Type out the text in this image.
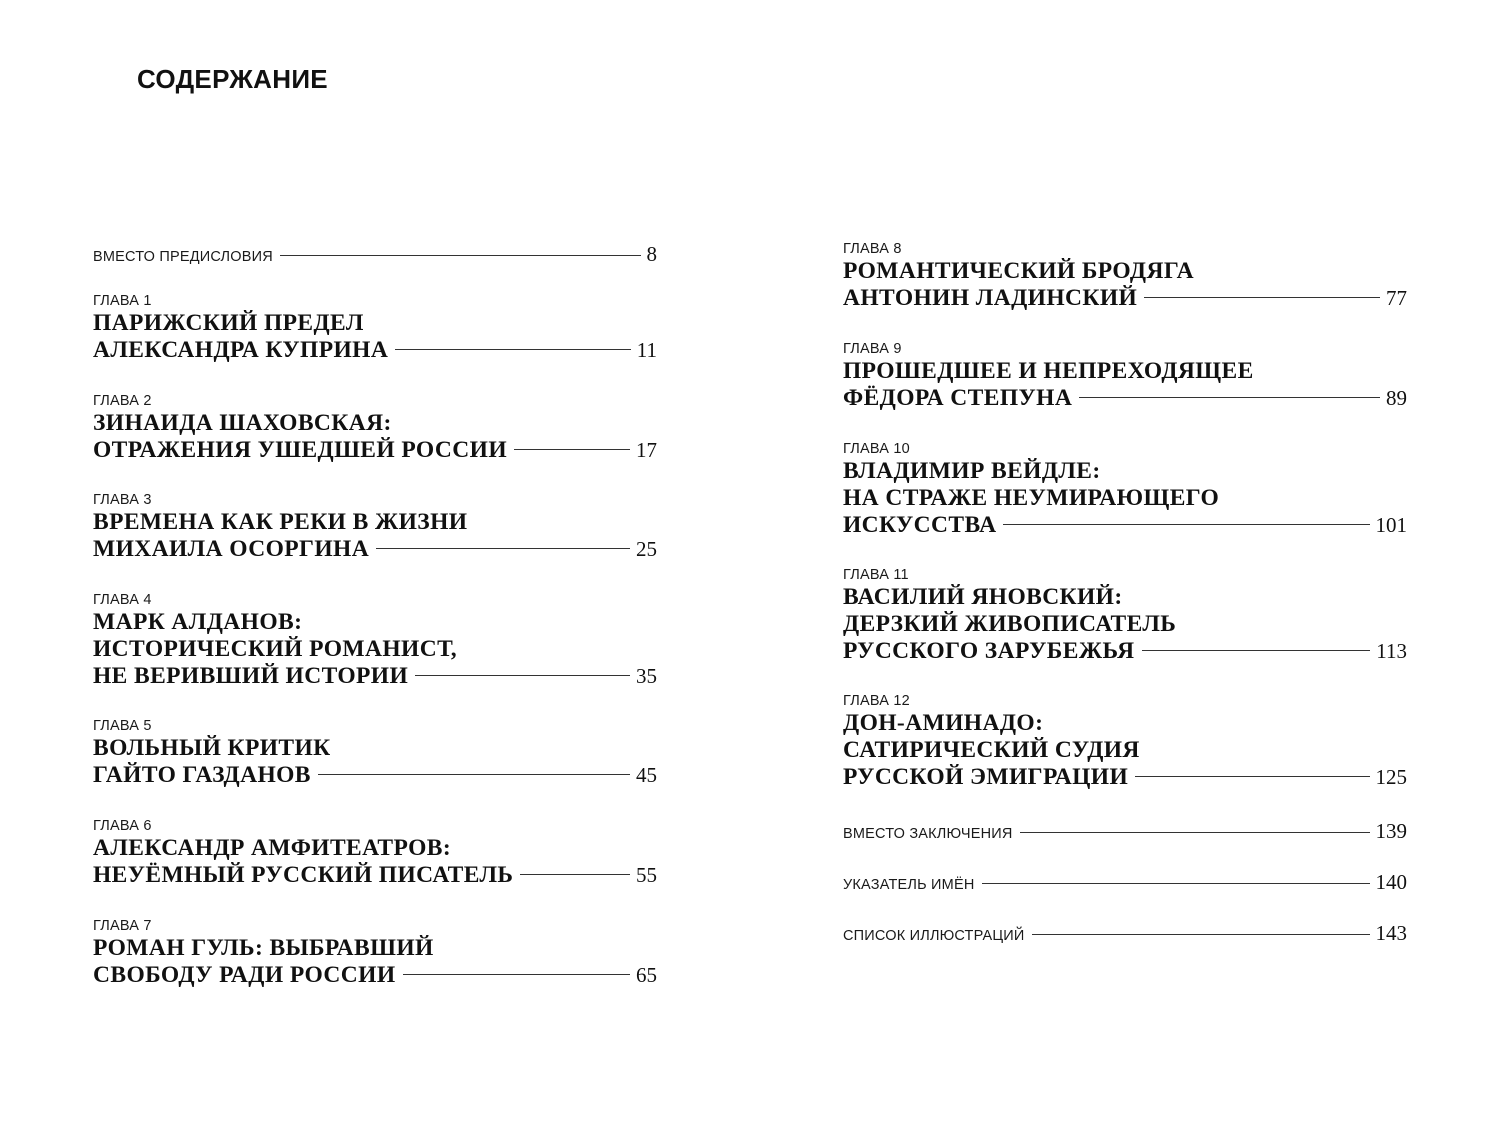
СОДЕРЖАНИЕ
ВМЕСТО ПРЕДИСЛОВИЯ	8
ГЛАВА 1
ПАРИЖСКИЙ ПРЕДЕЛ
АЛЕКСАНДРА КУПРИНА	11
ГЛАВА 2
ЗИНАИДА ШАХОВСКАЯ:
ОТРАЖЕНИЯ УШЕДШЕЙ РОССИИ	17
ГЛАВА 3
ВРЕМЕНА КАК РЕКИ В ЖИЗНИ
МИХАИЛА ОСОРГИНА	25
ГЛАВА 4
МАРК АЛДАНОВ:
ИСТОРИЧЕСКИЙ РОМАНИСТ,
НЕ ВЕРИВШИЙ ИСТОРИИ	35
ГЛАВА 5
ВОЛЬНЫЙ КРИТИК
ГАЙТО ГАЗДАНОВ	45
ГЛАВА 6
АЛЕКСАНДР АМФИТЕАТРОВ:
НЕУЁМНЫЙ РУССКИЙ ПИСАТЕЛЬ	55
ГЛАВА 7
РОМАН ГУЛЬ: ВЫБРАВШИЙ
СВОБОДУ РАДИ РОССИИ	65
ГЛАВА 8
РОМАНТИЧЕСКИЙ БРОДЯГА
АНТОНИН ЛАДИНСКИЙ	77
ГЛАВА 9
ПРОШЕДШЕЕ И НЕПРЕХОДЯЩЕЕ
ФЁДОРА СТЕПУНА	89
ГЛАВА 10
ВЛАДИМИР ВЕЙДЛЕ:
НА СТРАЖЕ НЕУМИРАЮЩЕГО
ИСКУССТВА	101
ГЛАВА 11
ВАСИЛИЙ ЯНОВСКИЙ:
ДЕРЗКИЙ ЖИВОПИСАТЕЛЬ
РУССКОГО ЗАРУБЕЖЬЯ	113
ГЛАВА 12
ДОН-АМИНАДО:
САТИРИЧЕСКИЙ СУДИЯ
РУССКОЙ ЭМИГРАЦИИ	125
ВМЕСТО ЗАКЛЮЧЕНИЯ	139
УКАЗАТЕЛЬ ИМЁН	140
СПИСОК ИЛЛЮСТРАЦИЙ	143
